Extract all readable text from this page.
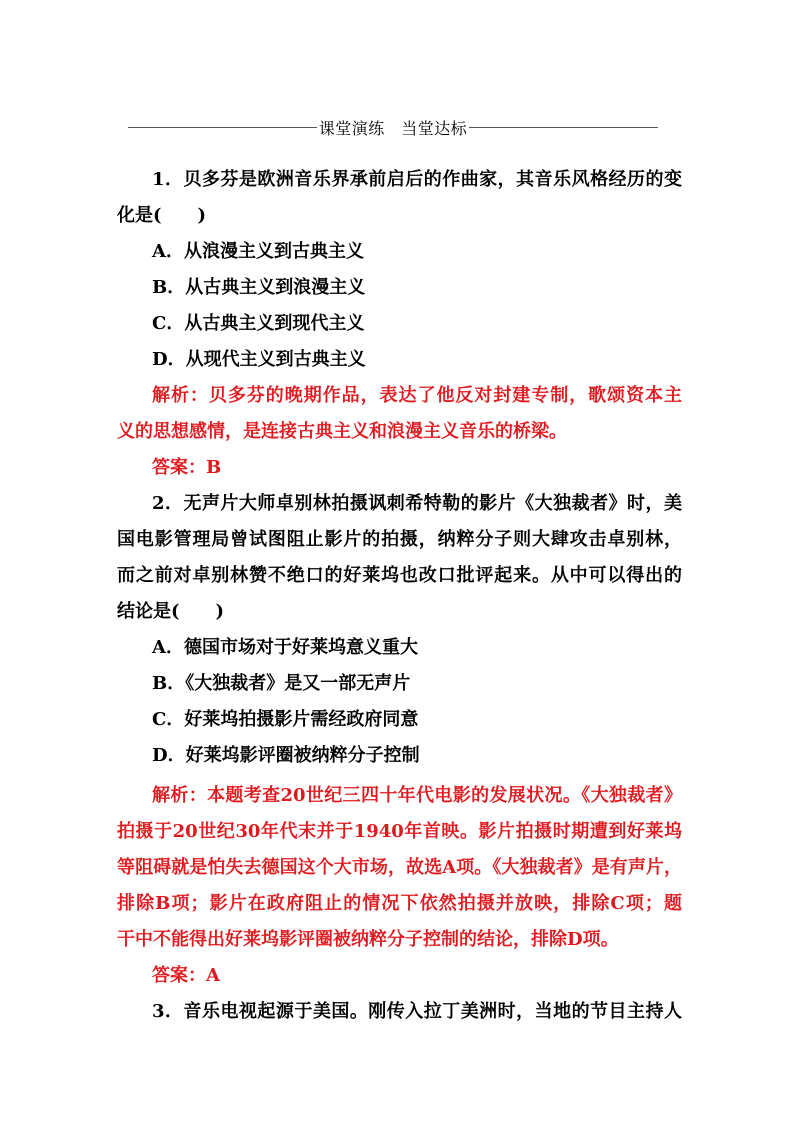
课堂演练　当堂达标
1．贝多芬是欧洲音乐界承前启后的作曲家，其音乐风格经历的变
化是(　　)
A．从浪漫主义到古典主义
B．从古典主义到浪漫主义
C．从古典主义到现代主义
D．从现代主义到古典主义
解析：贝多芬的晚期作品，表达了他反对封建专制，歌颂资本主
义的思想感情，是连接古典主义和浪漫主义音乐的桥梁。
答案：B
2．无声片大师卓别林拍摄讽刺希特勒的影片《大独裁者》时，美
国电影管理局曾试图阻止影片的拍摄，纳粹分子则大肆攻击卓别林，
而之前对卓别林赞不绝口的好莱坞也改口批评起来。从中可以得出的
结论是(　　)
A．德国市场对于好莱坞意义重大
B．《大独裁者》是又一部无声片
C．好莱坞拍摄影片需经政府同意
D．好莱坞影评圈被纳粹分子控制
解析：本题考查20世纪三四十年代电影的发展状况。《大独裁者》
拍摄于20世纪30年代末并于1940年首映。影片拍摄时期遭到好莱坞
等阻碍就是怕失去德国这个大市场，故选A项。《大独裁者》是有声片，
排除B项；影片在政府阻止的情况下依然拍摄并放映，排除C项；题
干中不能得出好莱坞影评圈被纳粹分子控制的结论，排除D项。
答案：A
3．音乐电视起源于美国。刚传入拉丁美洲时，当地的节目主持人
